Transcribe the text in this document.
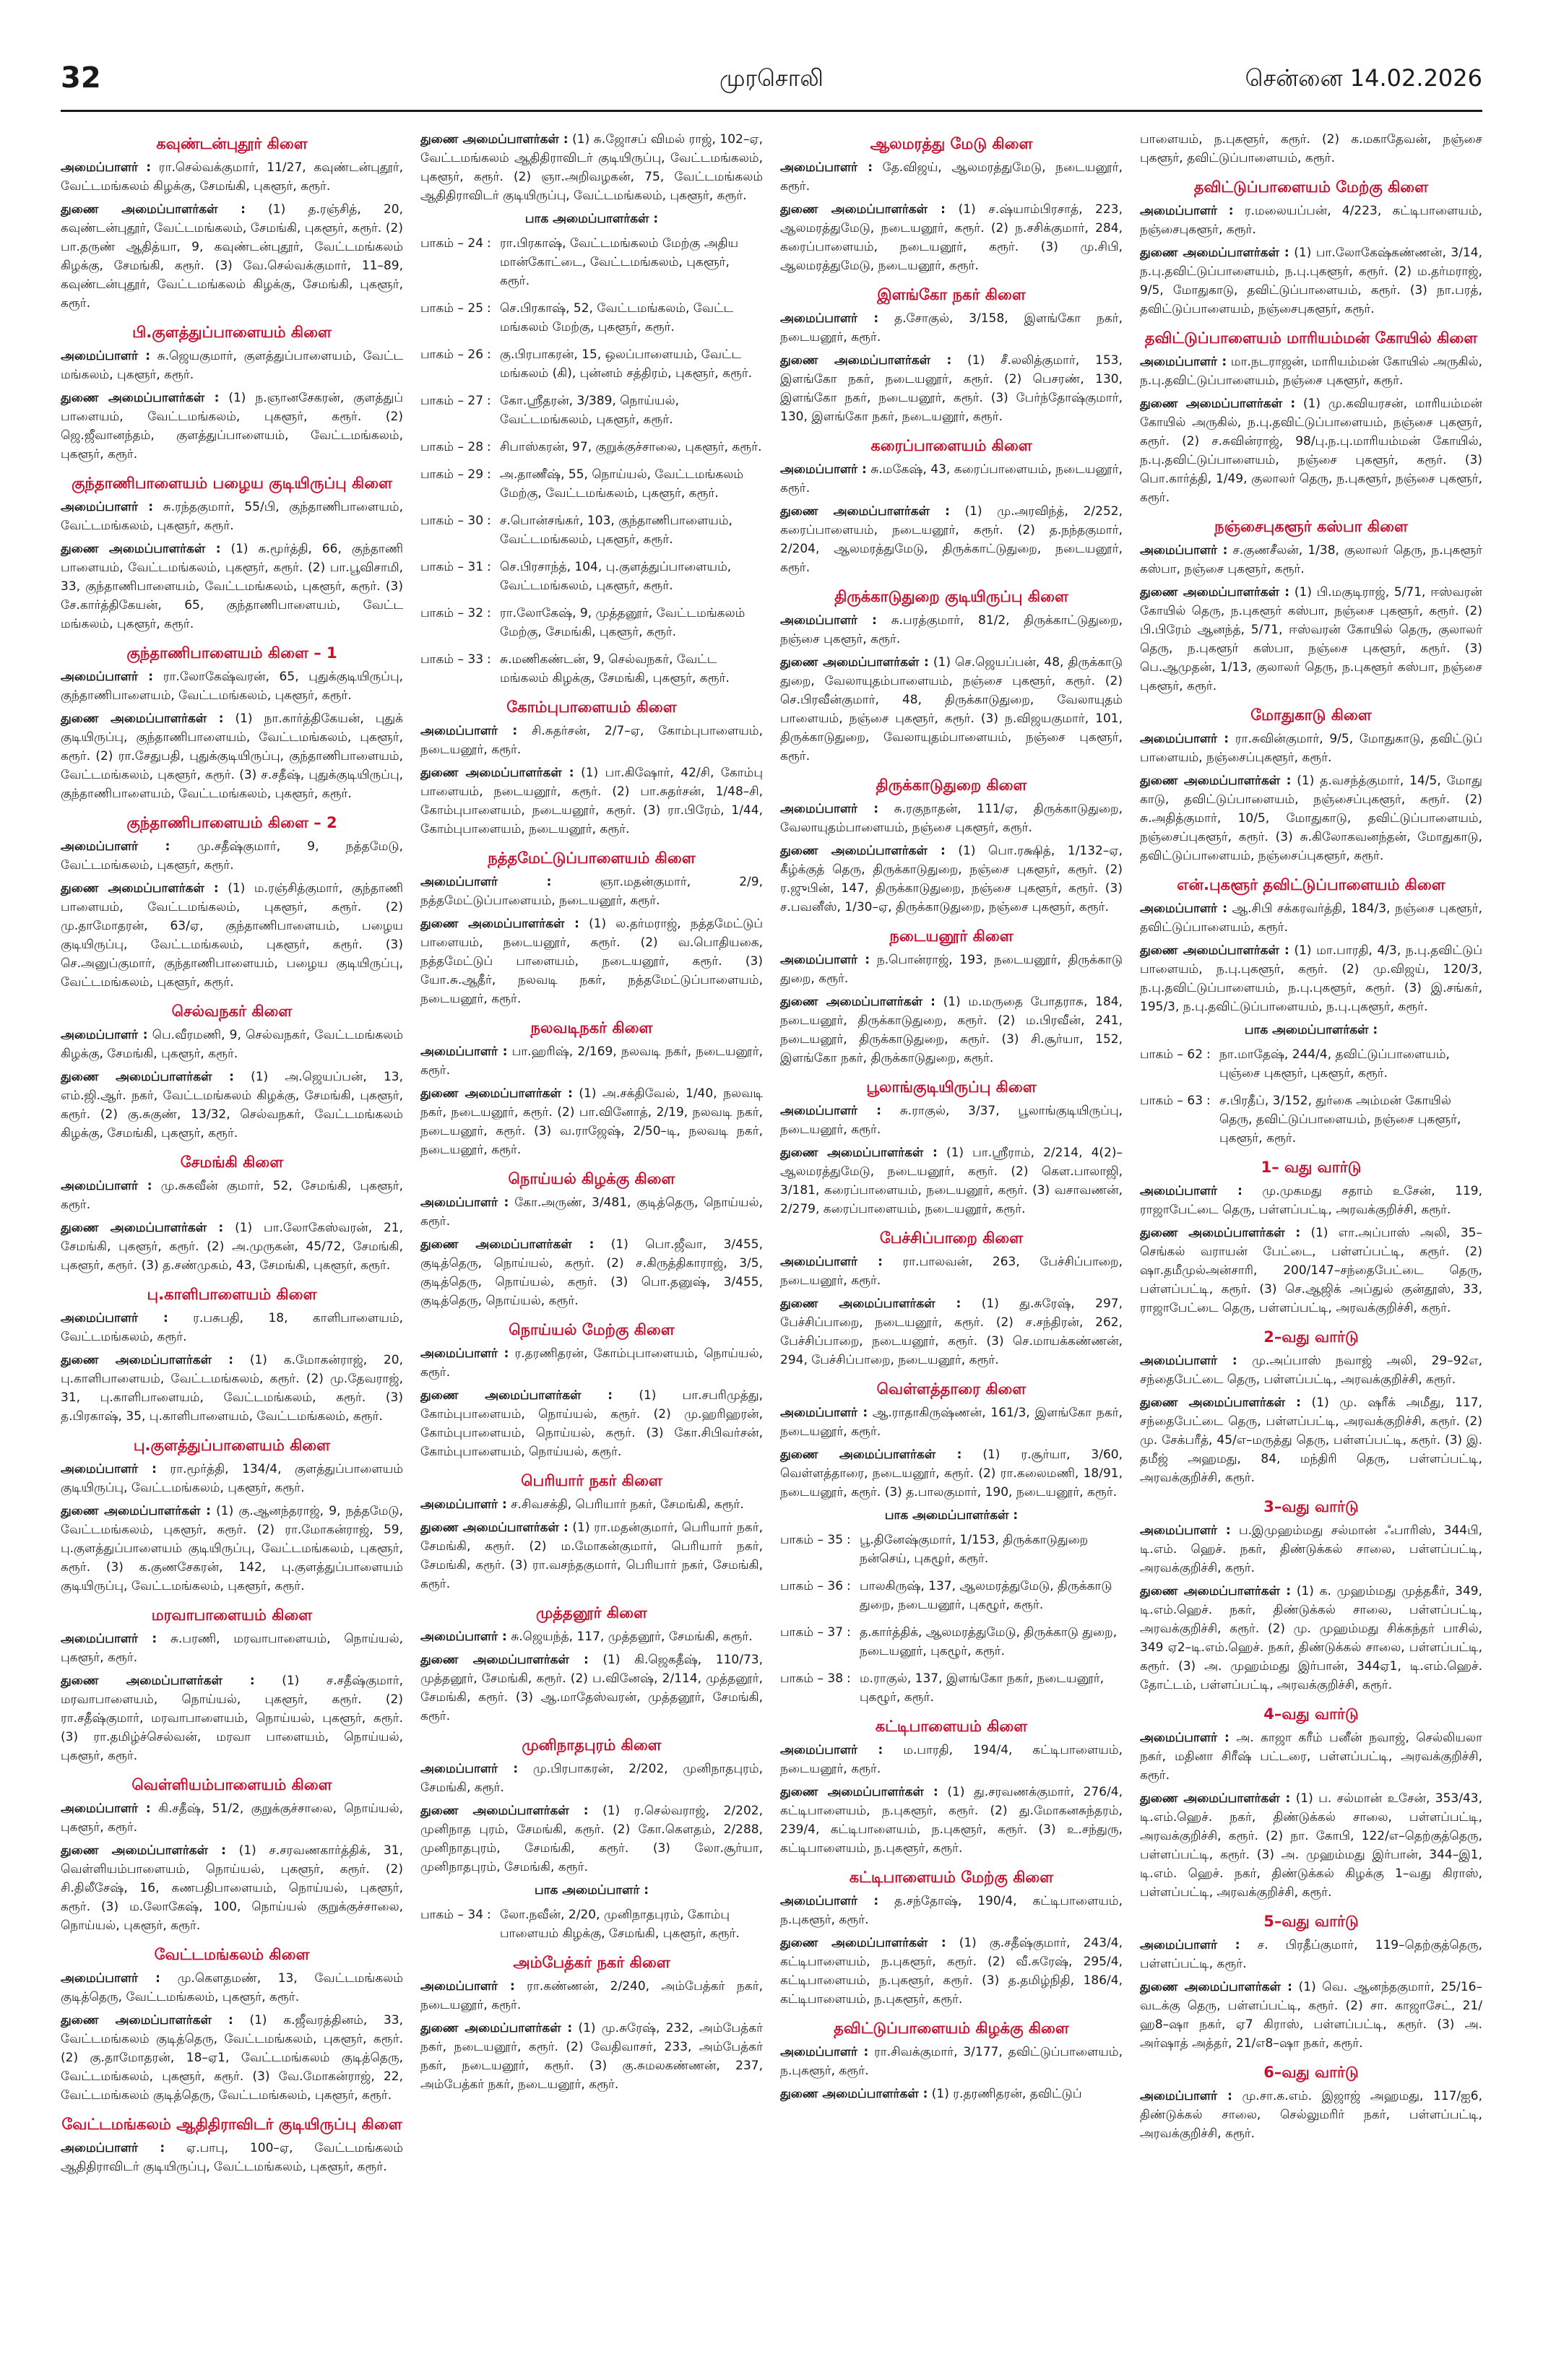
32	முரசொலி	சென்னை 14.02.2026
கவுண்டன்புதூர் கிளை

அமைப்பாளர் : ரா.செல்வக்குமார், 11/27, கவுண்டன்புதூர், வேட்டமங்கலம் கிழக்கு, சேமங்கி, புகளூர், கரூர்.

துணை அமைப்பாளர்கள் : (1) த.ரஞ்சித், 20, கவுண்டன்புதூர், வேட்டமங்கலம், சேமங்கி, புகளூர், கரூர். (2) பா.தருண் ஆதித்யா, 9, கவுண்டன்புதூர், வேட்டமங்கலம் கிழக்கு, சேமங்கி, கரூர். (3) வே.செல்வக்குமார், 11–89, கவுண்டன்புதூர், வேட்டமங்கலம் கிழக்கு, சேமங்கி, புகளூர், கரூர்.

பி.குளத்துப்பாளையம் கிளை

அமைப்பாளர் : சு.ஜெயகுமார், குளத்துப்பாளையம், வேட்ட மங்கலம், புகளூர், கரூர்.

துணை அமைப்பாளர்கள் : (1) ந.ஞானசேகரன், குளத்துப் பாளையம், வேட்டமங்கலம், புகளூர், கரூர். (2) ஜெ.ஜீவானந்தம், குளத்துப்பாளையம், வேட்டமங்கலம், புகளூர், கரூர்.

குந்தாணிபாளையம் பழைய குடியிருப்பு கிளை

அமைப்பாளர் : சு.ரந்தகுமார், 55/பி, குந்தாணிபாளையம், வேட்டமங்கலம், புகளூர், கரூர்.

துணை அமைப்பாளர்கள் : (1) க.மூர்த்தி, 66, குந்தாணி பாளையம், வேட்டமங்கலம், புகளூர், கரூர். (2) பா.பூவிசாமி, 33, குந்தாணிபாளையம், வேட்டமங்கலம், புகளூர், கரூர். (3) சே.கார்த்திகேயன், 65, குந்தாணிபாளையம், வேட்ட மங்கலம், புகளூர், கரூர்.

குந்தாணிபாளையம் கிளை – 1

அமைப்பாளர் : ரா.லோகேஷ்வரன், 65, புதுக்குடியிருப்பு, குந்தாணிபாளையம், வேட்டமங்கலம், புகளூர், கரூர்.

துணை அமைப்பாளர்கள் : (1) நா.கார்த்திகேயன், புதுக் குடியிருப்பு, குந்தாணிபாளையம், வேட்டமங்கலம், புகளூர், கரூர். (2) ரா.சேதுபதி, புதுக்குடியிருப்பு, குந்தாணிபாளையம், வேட்டமங்கலம், புகளூர், கரூர். (3) ச.சதீஷ், புதுக்குடியிருப்பு, குந்தாணிபாளையம், வேட்டமங்கலம், புகளூர், கரூர்.

குந்தாணிபாளையம் கிளை – 2

அமைப்பாளர் : மு.சதீஷ்குமார், 9, நத்தமேடு, வேட்டமங்கலம், புகளூர், கரூர்.

துணை அமைப்பாளர்கள் : (1) ம.ரஞ்சித்குமார், குந்தாணி பாளையம், வேட்டமங்கலம், புகளூர், கரூர். (2) மு.தாமோதரன், 63/ஏ, குந்தாணிபாளையம், பழைய குடியிருப்பு, வேட்டமங்கலம், புகளூர், கரூர். (3) செ.அனுப்குமார், குந்தாணிபாளையம், பழைய குடியிருப்பு, வேட்டமங்கலம், புகளூர், கரூர்.

செல்வநகர் கிளை

அமைப்பாளர் : பெ.வீரமணி, 9, செல்வநகர், வேட்டமங்கலம் கிழக்கு, சேமங்கி, புகளூர், கரூர்.

துணை அமைப்பாளர்கள் : (1) அ.ஜெயப்பன், 13, எம்.ஜி.ஆர். நகர், வேட்டமங்கலம் கிழக்கு, சேமங்கி, புகளூர், கரூர். (2) கு.சுகுண், 13/32, செல்வநகர், வேட்டமங்கலம் கிழக்கு, சேமங்கி, புகளூர், கரூர்.

சேமங்கி கிளை

அமைப்பாளர் : மு.சுகவீன் குமார், 52, சேமங்கி, புகளூர், கரூர்.

துணை அமைப்பாளர்கள் : (1) பா.லோகேஸ்வரன், 21, சேமங்கி, புகளூர், கரூர். (2) அ.முருகன், 45/72, சேமங்கி, புகளூர், கரூர். (3) த.சண்முகம், 43, சேமங்கி, புகளூர், கரூர்.

பு.காளிபாளையம் கிளை

அமைப்பாளர் : ர.பசுபதி, 18, காளிபாளையம், வேட்டமங்கலம், கரூர்.

துணை அமைப்பாளர்கள் : (1) க.மோகன்ராஜ், 20, பு.காளிபாளையம், வேட்டமங்கலம், கரூர். (2) மு.தேவராஜ், 31, பு.காளிபாளையம், வேட்டமங்கலம், கரூர். (3) த.பிரகாஷ், 35, பு.காளிபாளையம், வேட்டமங்கலம், கரூர்.

பு.குளத்துப்பாளையம் கிளை

அமைப்பாளர் : ரா.மூர்த்தி, 134/4, குளத்துப்பாளையம் குடியிருப்பு, வேட்டமங்கலம், புகளூர், கரூர்.

துணை அமைப்பாளர்கள் : (1) கு.ஆனந்தராஜ், 9, நத்தமேடு, வேட்டமங்கலம், புகளூர், கரூர். (2) ரா.மோகன்ராஜ், 59, பு.குளத்துப்பாளையம் குடியிருப்பு, வேட்டமங்கலம், புகளூர், கரூர். (3) க.குணசேகரன், 142, பு.குளத்துப்பாளையம் குடியிருப்பு, வேட்டமங்கலம், புகளூர், கரூர்.

மரவாபாளையம் கிளை

அமைப்பாளர் : சு.பரணி, மரவாபாளையம், நொய்யல், புகளூர், கரூர்.

துணை அமைப்பாளர்கள் : (1) ச.சதீஷ்குமார், மரவாபாளையம், நொய்யல், புகளூர், கரூர். (2) ரா.சதீஷ்குமார், மரவாபாளையம், நொய்யல், புகளூர், கரூர். (3) ரா.தமிழ்ச்செல்வன், மரவா பாளையம், நொய்யல், புகளூர், கரூர்.

வெள்ளியம்பாளையம் கிளை

அமைப்பாளர் : கி.சதீஷ், 51/2, குறுக்குச்சாலை, நொய்யல், புகளூர், கரூர்.

துணை அமைப்பாளர்கள் : (1) ச.சரவணகார்த்திக், 31, வெள்ளியம்பாளையம், நொய்யல், புகளூர், கரூர். (2) சி.திலீசேஷ், 16, கணபதிபாளையம், நொய்யல், புகளூர், கரூர். (3) ம.லோகேஷ், 100, நொய்யல் குறுக்குச்சாலை, நொய்யல், புகளூர், கரூர்.

வேட்டமங்கலம் கிளை

அமைப்பாளர் : மு.கௌதமண், 13, வேட்டமங்கலம் குடித்தெரு, வேட்டமங்கலம், புகளூர், கரூர்.

துணை அமைப்பாளர்கள் : (1) க.ஜீவரத்தினம், 33, வேட்டமங்கலம் குடித்தெரு, வேட்டமங்கலம், புகளூர், கரூர். (2) கு.தாமோதரன், 18–ஏ1, வேட்டமங்கலம் குடித்தெரு, வேட்டமங்கலம், புகளூர், கரூர். (3) வே.மோகன்ராஜ், 22, வேட்டமங்கலம் குடித்தெரு, வேட்டமங்கலம், புகளூர், கரூர்.

வேட்டமங்கலம் ஆதிதிராவிடர் குடியிருப்பு கிளை

அமைப்பாளர் : ஏ.பாபு, 100–ஏ, வேட்டமங்கலம் ஆதிதிராவிடர் குடியிருப்பு, வேட்டமங்கலம், புகளூர், கரூர்.

துணை அமைப்பாளர்கள் : (1) சு.ஜோசப் விமல் ராஜ், 102–ஏ, வேட்டமங்கலம் ஆதிதிராவிடர் குடியிருப்பு, வேட்டமங்கலம், புகளூர், கரூர். (2) ஞா.அறிவழகன், 75, வேட்டமங்கலம் ஆதிதிராவிடர் குடியிருப்பு, வேட்டமங்கலம், புகளூர், கரூர்.

பாக அமைப்பாளர்கள் :
பாகம் – 24 : ரா.பிரகாஷ், வேட்டமங்கலம் மேற்கு அதிய மான்கோட்டை, வேட்டமங்கலம், புகளூர், கரூர்.
பாகம் – 25 : செ.பிரகாஷ், 52, வேட்டமங்கலம், வேட்ட மங்கலம் மேற்கு, புகளூர், கரூர்.
பாகம் – 26 : கு.பிரபாகரன், 15, ஒலப்பாளையம், வேட்ட மங்கலம் (கி), புன்னம் சத்திரம், புகளூர், கரூர்.
பாகம் – 27 : கோ.ஸ்ரீதரன், 3/389, நொய்யல், வேட்டமங்கலம், புகளூர், கரூர்.
பாகம் – 28 : சிபாஸ்கரன், 97, குறுக்குச்சாலை, புகளூர், கரூர்.
பாகம் – 29 : அ.தாணீஷ், 55, நொய்யல், வேட்டமங்கலம் மேற்கு, வேட்டமங்கலம், புகளூர், கரூர்.
பாகம் – 30 : ச.பொன்சங்கர், 103, குந்தாணிபாளையம், வேட்டமங்கலம், புகளூர், கரூர்.
பாகம் – 31 : செ.பிரசாந்த், 104, பு.குளத்துப்பாளையம், வேட்டமங்கலம், புகளூர், கரூர்.
பாகம் – 32 : ரா.லோகேஷ், 9, முத்தனூர், வேட்டமங்கலம் மேற்கு, சேமங்கி, புகளூர், கரூர்.
பாகம் – 33 : சு.மணிகண்டன், 9, செல்வநகர், வேட்ட மங்கலம் கிழக்கு, சேமங்கி, புகளூர், கரூர்.
கோம்புபாளையம் கிளை

அமைப்பாளர் : சி.சுதர்சன், 2/7–ஏ, கோம்புபாளையம், நடையனூர், கரூர்.

துணை அமைப்பாளர்கள் : (1) பா.கிஷோர், 42/சி, கோம்பு பாளையம், நடையனூர், கரூர். (2) பா.சுதர்சன், 1/48–சி, கோம்புபாளையம், நடையனூர், கரூர். (3) ரா.பிரேம், 1/44, கோம்புபாளையம், நடையனூர், கரூர்.

நத்தமேட்டுப்பாளையம் கிளை

அமைப்பாளர் :	ஞா.மதன்குமார், 2/9, நத்தமேட்டுப்பாளையம், நடையனூர், கரூர்.

துணை அமைப்பாளர்கள் : (1) ல.தர்மராஜ், நத்தமேட்டுப் பாளையம், நடையனூர், கரூர். (2) வ.பொதியகை, நத்தமேட்டுப் பாளையம், நடையனூர், கரூர். (3) யோ.சு.ஆதீர், நலவடி நகர், நத்தமேட்டுப்பாளையம், நடையனூர், கரூர்.

நலவடிநகர் கிளை

அமைப்பாளர் : பா.ஹரிஷ், 2/169, நலவடி நகர், நடையனூர், கரூர்.

துணை அமைப்பாளர்கள் : (1) அ.சக்திவேல், 1/40, நலவடி நகர், நடையனூர், கரூர். (2) பா.வினோத், 2/19, நலவடி நகர், நடையனூர், கரூர். (3) வ.ராஜேஷ், 2/50–டி, நலவடி நகர், நடையனூர், கரூர்.

நொய்யல் கிழக்கு கிளை

அமைப்பாளர் : கோ.அருண், 3/481, குடித்தெரு, நொய்யல், கரூர்.

துணை அமைப்பாளர்கள் : (1) பொ.ஜீவா, 3/455, குடித்தெரு, நொய்யல், கரூர். (2) ச.கிருத்திகாராஜ், 3/5, குடித்தெரு, நொய்யல், கரூர். (3) பொ.தனுஷ், 3/455, குடித்தெரு, நொய்யல், கரூர்.

நொய்யல் மேற்கு கிளை

அமைப்பாளர் : ர.தரணிதரன், கோம்புபாளையம், நொய்யல், கரூர்.

துணை அமைப்பாளர்கள் : (1) பா.சபரிமுத்து, கோம்புபாளையம், நொய்யல், கரூர். (2) மு.ஹரிஹரன், கோம்புபாளையம், நொய்யல், கரூர். (3) கோ.சிபிவர்சன், கோம்புபாளையம், நொய்யல், கரூர்.

பெரியார் நகர் கிளை

அமைப்பாளர் : ச.சிவசக்தி, பெரியார் நகர், சேமங்கி, கரூர்.

துணை அமைப்பாளர்கள் : (1) ரா.மதன்குமார், பெரியார் நகர், சேமங்கி, கரூர். (2) ம.மோகன்குமார், பெரியார் நகர், சேமங்கி, கரூர். (3) ரா.வசந்தகுமார், பெரியார் நகர், சேமங்கி, கரூர்.

முத்தனூர் கிளை

அமைப்பாளர் : சு.ஜெயந்த், 117, முத்தனூர், சேமங்கி, கரூர்.

துணை அமைப்பாளர்கள் : (1) கி.ஜெகதீஷ், 110/73, முத்தனூர், சேமங்கி, கரூர். (2) ப.வினேஷ், 2/114, முத்தனூர், சேமங்கி, கரூர். (3) ஆ.மாதேஸ்வரன், முத்தனூர், சேமங்கி, கரூர்.

முனிநாதபுரம் கிளை

அமைப்பாளர் : மு.பிரபாகரன், 2/202, முனிநாதபுரம், சேமங்கி, கரூர்.

துணை அமைப்பாளர்கள் : (1) ர.செல்வராஜ், 2/202, முனிநாத புரம், சேமங்கி, கரூர். (2) கோ.கௌதம், 2/288, முனிநாதபுரம், சேமங்கி, கரூர். (3) லோ.சூர்யா, முனிநாதபுரம், சேமங்கி, கரூர்.

பாக அமைப்பாளர் :
பாகம் – 34 : லோ.நவீன், 2/20, முனிநாதபுரம், கோம்பு பாளையம் கிழக்கு, சேமங்கி, புகளூர், கரூர்.
அம்பேத்கர் நகர் கிளை

அமைப்பாளர் : ரா.கண்ணன், 2/240, அம்பேத்கர் நகர், நடையனூர், கரூர்.

துணை அமைப்பாளர்கள் : (1) மு.சுரேஷ், 232, அம்பேத்கர் நகர், நடையனூர், கரூர். (2) வேதிவாசர், 233, அம்பேத்கர் நகர், நடையனூர், கரூர். (3) கு.சுமலகண்ணன், 237, அம்பேத்கர் நகர், நடையனூர், கரூர்.

ஆலமரத்து மேடு கிளை

அமைப்பாளர் : தே.விஜய், ஆலமரத்துமேடு, நடையனூர், கரூர்.

துணை அமைப்பாளர்கள் : (1) ச.ஷ்யாம்பிரசாத், 223, ஆலமரத்துமேடு, நடையனூர், கரூர். (2) ந.சசிக்குமார், 284, கரைப்பாளையம், நடையனூர், கரூர். (3) மு.சிபி, ஆலமரத்துமேடு, நடையனூர், கரூர்.

இளங்கோ நகர் கிளை

அமைப்பாளர் : த.சோகுல், 3/158, இளங்கோ நகர், நடையனூர், கரூர்.

துணை அமைப்பாளர்கள் : (1) சீ.லலித்குமார், 153, இளங்கோ நகர், நடையனூர், கரூர். (2) பெசரண், 130, இளங்கோ நகர், நடையனூர், கரூர். (3) பேர்ந்தோஷ்குமார், 130, இளங்கோ நகர், நடையனூர், கரூர்.

கரைப்பாளையம் கிளை

அமைப்பாளர் : சு.மகேஷ், 43, கரைப்பாளையம், நடையனூர், கரூர்.

துணை அமைப்பாளர்கள் : (1) மு.அரவிந்த், 2/252, கரைப்பாளையம், நடையனூர், கரூர். (2) த.நந்தகுமார், 2/204, ஆலமரத்துமேடு, திருக்காட்டுதுறை, நடையனூர், கரூர்.

திருக்காடுதுறை குடியிருப்பு கிளை

அமைப்பாளர் : சு.பரத்குமார், 81/2, திருக்காட்டுதுறை, நஞ்சை புகளூர், கரூர்.

துணை அமைப்பாளர்கள் : (1) செ.ஜெயப்பன், 48, திருக்காடு துறை, வேலாயுதம்பாளையம், நஞ்சை புகளூர், கரூர். (2) செ.பிரவீன்குமார், 48, திருக்காடுதுறை, வேலாயுதம் பாளையம், நஞ்சை புகளூர், கரூர். (3) ந.விஜயகுமார், 101, திருக்காடுதுறை, வேலாயுதம்பாளையம், நஞ்சை புகளூர், கரூர்.

திருக்காடுதுறை கிளை

அமைப்பாளர் : சு.ரகுநாதன், 111/ஏ, திருக்காடுதுறை, வேலாயுதம்பாளையம், நஞ்சை புகளூர், கரூர்.

துணை அமைப்பாளர்கள் : (1) பொ.ரக்ஷித், 1/132–ஏ, கீழ்க்குத் தெரு, திருக்காடுதுறை, நஞ்சை புகளூர், கரூர். (2) ர.ஜுபின், 147, திருக்காடுதுறை, நஞ்சை புகளூர், கரூர். (3) ச.பவனீஸ், 1/30–ஏ, திருக்காடுதுறை, நஞ்சை புகளூர், கரூர்.

நடையனூர் கிளை

அமைப்பாளர் : ந.பொன்ராஜ், 193, நடையனூர், திருக்காடு துறை, கரூர்.

துணை அமைப்பாளர்கள் : (1) ம.மருதை போதராசு, 184, நடையனூர், திருக்காடுதுறை, கரூர். (2) ம.பிரவீன், 241, நடையனூர், திருக்காடுதுறை, கரூர். (3) சி.சூர்யா, 152, இளங்கோ நகர், திருக்காடுதுறை, கரூர்.

பூலாங்குடியிருப்பு கிளை

அமைப்பாளர் : சு.ராகுல், 3/37, பூலாங்குடியிருப்பு, நடையனூர், கரூர்.

துணை அமைப்பாளர்கள் : (1) பா.ஸ்ரீராம், 2/214, 4(2)–ஆலமரத்துமேடு, நடையனூர், கரூர். (2) கௌ.பாலாஜி, 3/181, கரைப்பாளையம், நடையனூர், கரூர். (3) வசாவணன், 2/279, கரைப்பாளையம், நடையனூர், கரூர்.

பேச்சிப்பாறை கிளை

அமைப்பாளர் : ரா.பாலவன், 263, பேச்சிப்பாறை, நடையனூர், கரூர்.

துணை அமைப்பாளர்கள் : (1) து.சுரேஷ், 297, பேச்சிப்பாறை, நடையனூர், கரூர். (2) ச.சந்திரன், 262, பேச்சிப்பாறை, நடையனூர், கரூர். (3) செ.மாயக்கண்ணன், 294, பேச்சிப்பாறை, நடையனூர், கரூர்.

வெள்ளத்தாரை கிளை

அமைப்பாளர் : ஆ.ராதாகிருஷ்ணன், 161/3, இளங்கோ நகர், நடையனூர், கரூர்.

துணை அமைப்பாளர்கள் : (1) ர.சூர்யா, 3/60, வெள்ளத்தாரை, நடையனூர், கரூர். (2) ரா.கலைமணி, 18/91, நடையனூர், கரூர். (3) த.பாலகுமார், 190, நடையனூர், கரூர்.

பாக அமைப்பாளர்கள் :
பாகம் – 35 : பூ.தினேஷ்குமார், 1/153, திருக்காடுதுறை நன்செய், புகழூர், கரூர்.
பாகம் – 36 : பாலகிருஷ், 137, ஆலமரத்துமேடு, திருக்காடு துறை, நடையனூர், புகழூர், கரூர்.
பாகம் – 37 : த.கார்த்திக், ஆலமரத்துமேடு, திருக்காடு துறை, நடையனூர், புகழூர், கரூர்.
பாகம் – 38 : ம.ராகுல், 137, இளங்கோ நகர், நடையனூர், புகழூர், கரூர்.
கட்டிபாளையம் கிளை

அமைப்பாளர் : ம.பாரதி, 194/4, கட்டிபாளையம், நடையனூர், கரூர்.

துணை அமைப்பாளர்கள் : (1) து.சரவணக்குமார், 276/4, கட்டிபாளையம், ந.புகளூர், கரூர். (2) து.மோகனசுந்தரம், 239/4, கட்டிபாளையம், ந.புகளூர், கரூர். (3) உ.சந்துரு, கட்டிபாளையம், ந.புகளூர், கரூர்.

கட்டிபாளையம் மேற்கு கிளை

அமைப்பாளர் : த.சந்தோஷ், 190/4, கட்டிபாளையம், ந.புகளூர், கரூர்.

துணை அமைப்பாளர்கள் : (1) கு.சதீஷ்குமார், 243/4, கட்டிபாளையம், ந.புகளூர், கரூர். (2) வீ.சுரேஷ், 295/4, கட்டிபாளையம், ந.புகளூர், கரூர். (3) த.தமிழ்நிதி, 186/4, கட்டிபாளையம், ந.புகளூர், கரூர்.

தவிட்டுப்பாளையம் கிழக்கு கிளை

அமைப்பாளர் : ரா.சிவக்குமார், 3/177, தவிட்டுப்பாளையம், ந.புகளூர், கரூர்.

துணை அமைப்பாளர்கள் : (1) ர.தரணிதரன், தவிட்டுப்

பாளையம், ந.புகளூர், கரூர். (2) க.மகாதேவன், நஞ்சை புகளூர், தவிட்டுப்பாளையம், கரூர்.

தவிட்டுப்பாளையம் மேற்கு கிளை

அமைப்பாளர் : ர.மலையப்பன், 4/223, கட்டிபாளையம், நஞ்சைபுகளூர், கரூர்.

துணை அமைப்பாளர்கள் : (1) பா.லோகேஷ்கண்ணன், 3/14, ந.பு.தவிட்டுப்பாளையம், ந.பு.புகளூர், கரூர். (2) ம.தர்மராஜ், 9/5, மோதுகாடு, தவிட்டுப்பாளையம், கரூர். (3) நா.பரத், தவிட்டுப்பாளையம், நஞ்சைபுகளூர், கரூர்.

தவிட்டுப்பாளையம் மாரியம்மன் கோயில் கிளை

அமைப்பாளர் : மா.நடராஜன், மாரியம்மன் கோயில் அருகில், ந.பு.தவிட்டுப்பாளையம், நஞ்சை புகளூர், கரூர்.

துணை அமைப்பாளர்கள் : (1) மு.கவியரசன், மாரியம்மன் கோயில் அருகில், ந.பு.தவிட்டுப்பாளையம், நஞ்சை புகளூர், கரூர். (2) ச.சுவின்ராஜ், 98/பு.ந.பு.மாரியம்மன் கோயில், ந.பு.தவிட்டுப்பாளையம், நஞ்சை புகளூர், கரூர். (3) பொ.கார்த்தி, 1/49, குலாலர் தெரு, ந.புகளூர், நஞ்சை புகளூர், கரூர்.

நஞ்சைபுகளூர் கஸ்பா கிளை

அமைப்பாளர் : ச.குணசீலன், 1/38, குலாலர் தெரு, ந.புகளூர் கஸ்பா, நஞ்சை புகளூர், கரூர்.

துணை அமைப்பாளர்கள் : (1) பி.மகுடிராஜ், 5/71, ஈஸ்வரன் கோயில் தெரு, ந.புகளூர் கஸ்பா, நஞ்சை புகளூர், கரூர். (2) பி.பிரேம் ஆனந்த், 5/71, ஈஸ்வரன் கோயில் தெரு, குலாலர் தெரு, ந.புகளூர் கஸ்பா, நஞ்சை புகளூர், கரூர். (3) பெ.ஆமுதன், 1/13, குலாலர் தெரு, ந.புகளூர் கஸ்பா, நஞ்சை புகளூர், கரூர்.

மோதுகாடு கிளை

அமைப்பாளர் : ரா.சுவின்குமார், 9/5, மோதுகாடு, தவிட்டுப் பாளையம், நஞ்சைப்புகளூர், கரூர்.

துணை அமைப்பாளர்கள் : (1) த.வசந்த்குமார், 14/5, மோது காடு, தவிட்டுப்பாளையம், நஞ்சைப்புகளூர், கரூர். (2) சு.அதித்குமார், 10/5, மோதுகாடு, தவிட்டுப்பாளையம், நஞ்சைப்புகளூர், கரூர். (3) சு.கிலோகவனந்தன், மோதுகாடு, தவிட்டுப்பாளையம், நஞ்சைப்புகளூர், கரூர்.

என்.புகளூர் தவிட்டுப்பாளையம் கிளை

அமைப்பாளர் : ஆ.சிபி சக்கரவர்த்தி, 184/3, நஞ்சை புகளூர், தவிட்டுப்பாளையம், கரூர்.

துணை அமைப்பாளர்கள் : (1) மா.பாரதி, 4/3, ந.பு.தவிட்டுப் பாளையம், ந.பு.புகளூர், கரூர். (2) மு.விஜய், 120/3, ந.பு.தவிட்டுப்பாளையம், ந.பு.புகளூர், கரூர். (3) இ.சங்கர், 195/3, ந.பு.தவிட்டுப்பாளையம், ந.பு.புகளூர், கரூர்.

பாக அமைப்பாளர்கள் :
பாகம் – 62 : நா.மாதேஷ், 244/4, தவிட்டுப்பாளையம், புஞ்சை புகளூர், புகளூர், கரூர்.
பாகம் – 63 : ச.பிரதீப், 3/152, துர்கை அம்மன் கோயில் தெரு, தவிட்டுப்பாளையம், நஞ்சை புகளூர், புகளூர், கரூர்.
1– வது வார்டு

அமைப்பாளர் : மு.முகமது சதாம் உசேன், 119, ராஜாபேட்டை தெரு, பள்ளப்பட்டி, அரவக்குறிச்சி, கரூர்.

துணை அமைப்பாளர்கள் : (1) எா.அப்பாஸ் அலி, 35–செங்கல் வராயன் பேட்டை, பள்ளப்பட்டி, கரூர். (2) ஷா.தமீமுல்அன்சாரி, 200/147–சந்தைபேட்டை தெரு, பள்ளப்பட்டி, கரூர். (3) செ.ஆஜிக் அப்துல் குன்தூஸ், 33, ராஜாபேட்டை தெரு, பள்ளப்பட்டி, அரவக்குறிச்சி, கரூர்.

2–வது வார்டு

அமைப்பாளர் : மு.அப்பாஸ் நவாஜ் அலி, 29–92எ, சந்தைபேட்டை தெரு, பள்ளப்பட்டி, அரவக்குறிச்சி, கரூர்.

துணை அமைப்பாளர்கள் : (1) மு. ஷரீக் அமீது, 117, சந்தைபேட்டை தெரு, பள்ளப்பட்டி, அரவக்குறிச்சி, கரூர். (2) மு. சேக்பரீத், 45/எ–மருத்து தெரு, பள்ளப்பட்டி, கரூர். (3) இ. தமீஜ் அஹமது, 84, மந்திரி தெரு, பள்ளப்பட்டி, அரவக்குறிச்சி, கரூர்.

3–வது வார்டு

அமைப்பாளர் : ப.இமுஹம்மது சல்மான் ஃபாரிஸ், 344பி, டி.எம். ஹெச். நகர், திண்டுக்கல் சாலை, பள்ளப்பட்டி, அரவக்குறிச்சி, கரூர்.

துணை அமைப்பாளர்கள் : (1) க. முஹம்மது முத்தகீர், 349, டி.எம்.ஹெச். நகர், திண்டுக்கல் சாலை, பள்ளப்பட்டி, அரவக்குறிச்சி, கரூர். (2) மு. முஹம்மது சிக்கந்தர் பாசில், 349 ஏ2–டி.எம்.ஹெச். நகர், திண்டுக்கல் சாலை, பள்ளப்பட்டி, கரூர். (3) அ. முஹம்மது இர்பான், 344ஏ1, டி.எம்.ஹெச். தோட்டம், பள்ளப்பட்டி, அரவக்குறிச்சி, கரூர்.

4–வது வார்டு

அமைப்பாளர் : அ. காஜா கரீம் பனீன் நவாஜ், செல்லியலா நகர், மதினா சிரீஷ் பட்டரை, பள்ளப்பட்டி, அரவக்குறிச்சி, கரூர்.

துணை அமைப்பாளர்கள் : (1) ப. சல்மான் உசேன், 353/43, டி.எம்.ஹெச். நகர், திண்டுக்கல் சாலை, பள்ளப்பட்டி, அரவக்குறிச்சி, கரூர். (2) நா. கோபி, 122/எ–தெற்குத்தெரு, பள்ளப்பட்டி, கரூர். (3) அ. முஹம்மது இர்பான், 344–இ1, டி.எம். ஹெச். நகர், திண்டுக்கல் கிழக்கு 1–வது கிராஸ், பள்ளப்பட்டி, அரவக்குறிச்சி, கரூர்.

5–வது வார்டு

அமைப்பாளர் : ச. பிரதீப்குமார், 119–தெற்குத்தெரு, பள்ளப்பட்டி, கரூர்.

துணை அமைப்பாளர்கள் : (1) வெ. ஆனந்தகுமார், 25/16– வடக்கு தெரு, பள்ளப்பட்டி, கரூர். (2) சா. காஜாசேட், 21/ஹ8–ஷா நகர், ஏ7 கிராஸ், பள்ளப்பட்டி, கரூர். (3) அ. அர்ஷாத் அத்தர், 21/எ8–ஷா நகர், கரூர்.

6–வது வார்டு

அமைப்பாளர் : மு.சா.க.எம். இஜாஜ் அஹமது, 117/ஐ6, திண்டுக்கல் சாலை, செல்லுமரிர் நகர், பள்ளப்பட்டி, அரவக்குறிச்சி, கரூர்.
